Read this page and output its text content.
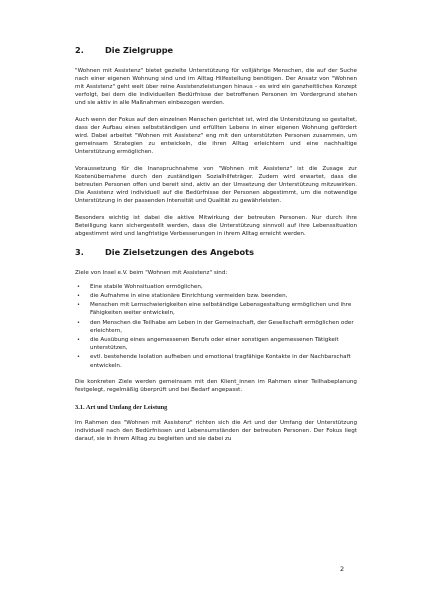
2.	Die Zielgruppe
"Wohnen mit Assistenz" bietet gezielte Unterstützung für volljährige Menschen, die auf der Suche nach einer eigenen Wohnung sind und im Alltag Hilfestellung benötigen. Der Ansatz von "Wohnen mit Assistenz" geht weit über reine Assistenzleistungen hinaus – es wird ein ganzheitliches Konzept verfolgt, bei dem die individuellen Bedürfnisse der betroffenen Personen im Vordergrund stehen und sie aktiv in alle Maßnahmen einbezogen werden.
Auch wenn der Fokus auf den einzelnen Menschen gerichtet ist, wird die Unterstützung so gestaltet, dass der Aufbau eines selbstständigen und erfüllten Lebens in einer eigenen Wohnung gefördert wird. Dabei arbeitet "Wohnen mit Assistenz" eng mit den unterstützten Personen zusammen, um gemeinsam Strategien zu entwickeln, die ihren Alltag erleichtern und eine nachhaltige Unterstützung ermöglichen.
Voraussetzung für die Inanspruchnahme von "Wohnen mit Assistenz" ist die Zusage zur Kostenübernahme durch den zuständigen Sozialhilfeträger. Zudem wird erwartet, dass die betreuten Personen offen und bereit sind, aktiv an der Umsetzung der Unterstützung mitzuwirken. Die Assistenz wird individuell auf die Bedürfnisse der Personen abgestimmt, um die notwendige Unterstützung in der passenden Intensität und Qualität zu gewährleisten.
Besonders wichtig ist dabei die aktive Mitwirkung der betreuten Personen. Nur durch ihre Beteiligung kann sichergestellt werden, dass die Unterstützung sinnvoll auf ihre Lebenssituation abgestimmt wird und langfristige Verbesserungen in ihrem Alltag erreicht werden.
3.	Die Zielsetzungen des Angebots
Ziele von Insel e.V. beim "Wohnen mit Assistenz" sind:
•	Eine stabile Wohnsituation ermöglichen,
•	die Aufnahme in eine stationäre Einrichtung vermeiden bzw. beenden,
•	Menschen mit Lernschwierigkeiten eine selbständige Lebensgestaltung ermöglichen und ihre Fähigkeiten weiter entwickeln,
•	den Menschen die Teilhabe am Leben in der Gemeinschaft, der Gesellschaft ermöglichen oder erleichtern,
•	die Ausübung eines angemessenen Berufs oder einer sonstigen angemessenen Tätigkeit unterstützen,
•	evtl. bestehende Isolation aufheben und emotional tragfähige Kontakte in der Nachbarschaft entwickeln.
Die konkreten Ziele werden gemeinsam mit den Klient_innen im Rahmen einer Teilhabeplanung festgelegt, regelmäßig überprüft und bei Bedarf angepasst.
3.1. Art und Umfang der Leistung
Im Rahmen des "Wohnen mit Assistenz" richten sich die Art und der Umfang der Unterstützung individuell nach den Bedürfnissen und Lebensumständen der betreuten Personen. Der Fokus liegt darauf, sie in ihrem Alltag zu begleiten und sie dabei zu
2
